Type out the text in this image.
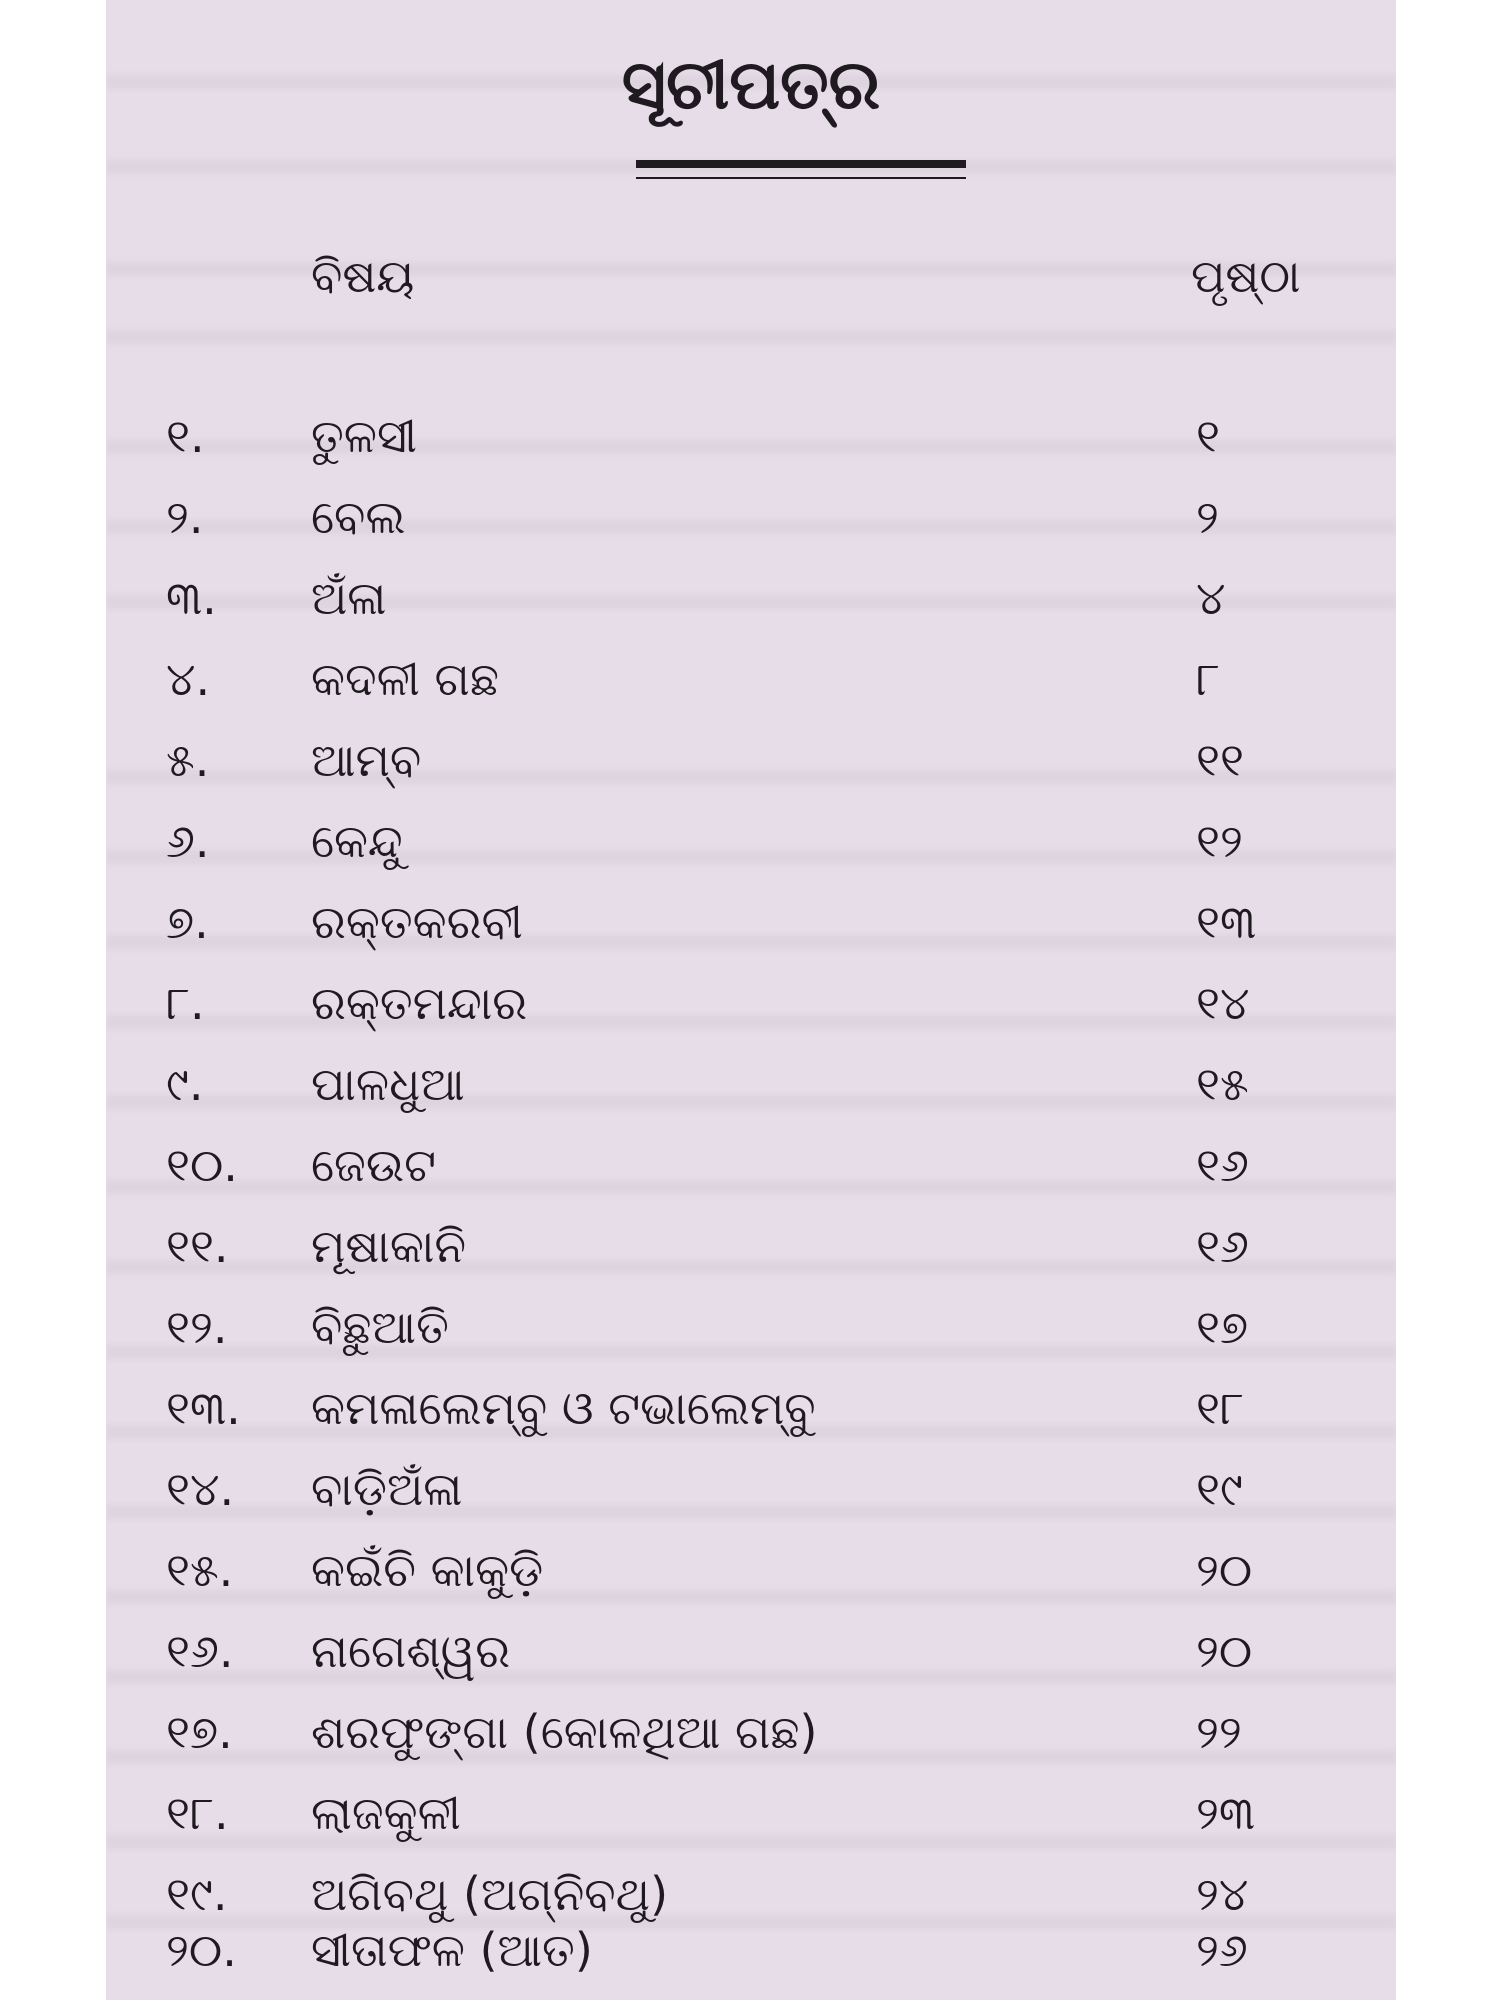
ସୂଚୀପତ୍ର
ବିଷୟ	ପୃଷ୍ଠା
୧.	ତୁଳସୀ	୧
୨.	ବେଲ	୨
୩.	ଅଁଳା	୪
୪.	କଦଳୀ ଗଛ	୮
୫.	ଆମ୍ବ	୧୧
୬.	କେନ୍ଦୁ	୧୨
୭.	ରକ୍ତକରବୀ	୧୩
୮.	ରକ୍ତମନ୍ଦାର	୧୪
୯.	ପାଳଧୁଆ	୧୫
୧୦.	ଜେଉଟ	୧୬
୧୧.	ମୂଷାକାନି	୧୬
୧୨.	ବିଛୁଆତି	୧୭
୧୩.	କମଳାଲେମ୍ବୁ ଓ ଟଭାଲେମ୍ବୁ	୧୮
୧୪.	ବାଡ଼ିଅଁଳା	୧୯
୧୫.	କଇଁଚି କାକୁଡ଼ି	୨୦
୧୬.	ନାଗେଶ୍ୱର	୨୦
୧୭.	ଶରଫୁଙ୍ଗା (କୋଳଥିଆ ଗଛ)	୨୨
୧୮.	ଲାଜକୁଳୀ	୨୩
୧୯.	ଅଗିବଥୁ (ଅଗ୍ନିବଥୁ)	୨୪
୨୦.	ସୀତାଫଳ (ଆତ)	୨୬
